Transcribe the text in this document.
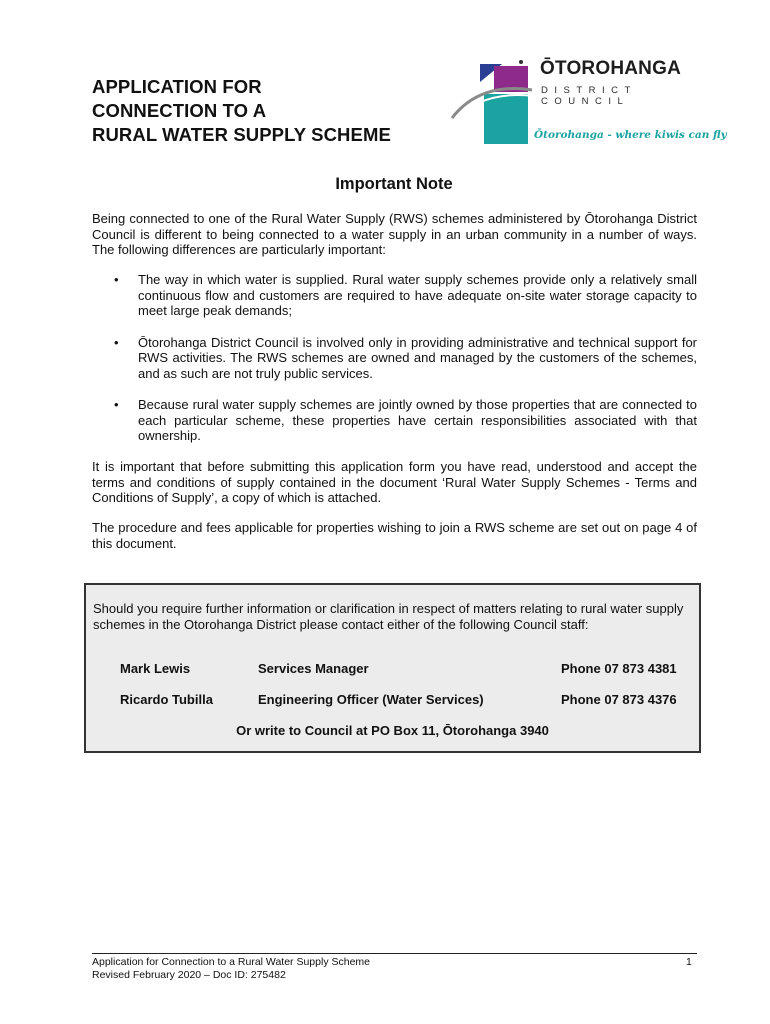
APPLICATION FOR
CONNECTION TO A
RURAL WATER SUPPLY SCHEME
ŌTOROHANGA
DISTRICT COUNCIL
Ōtorohanga - where kiwis can fly
Important Note
Being connected to one of the Rural Water Supply (RWS) schemes administered by Ōtorohanga District Council is different to being connected to a water supply in an urban community in a number of ways. The following differences are particularly important:
• The way in which water is supplied. Rural water supply schemes provide only a relatively small continuous flow and customers are required to have adequate on-site water storage capacity to meet large peak demands;
• Ōtorohanga District Council is involved only in providing administrative and technical support for RWS activities. The RWS schemes are owned and managed by the customers of the schemes, and as such are not truly public services.
• Because rural water supply schemes are jointly owned by those properties that are connected to each particular scheme, these properties have certain responsibilities associated with that ownership.
It is important that before submitting this application form you have read, understood and accept the terms and conditions of supply contained in the document ‘Rural Water Supply Schemes - Terms and Conditions of Supply’, a copy of which is attached.
The procedure and fees applicable for properties wishing to join a RWS scheme are set out on page 4 of this document.
Should you require further information or clarification in respect of matters relating to rural water supply schemes in the Otorohanga District please contact either of the following Council staff:
Mark Lewis	Services Manager	Phone 07 873 4381
Ricardo Tubilla	Engineering Officer (Water Services)	Phone 07 873 4376
Or write to Council at PO Box 11, Ōtorohanga 3940
Application for Connection to a Rural Water Supply Scheme
Revised February 2020 – Doc ID: 275482
1
